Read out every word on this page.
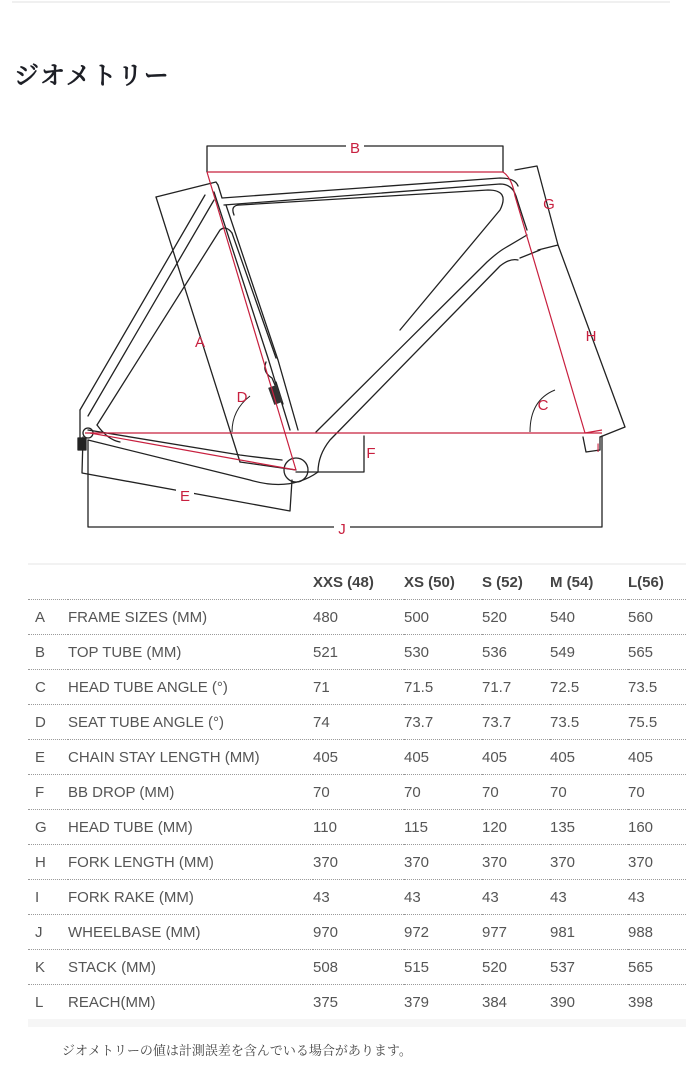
ジオメトリー
B
A
D
F
E
J
G
H
C
I
		XXS (48)	XS (50)	S (52)	M (54)	L(56)
A	FRAME SIZES (MM)	480	500	520	540	560
B	TOP TUBE (MM)	521	530	536	549	565
C	HEAD TUBE ANGLE (°)	71	71.5	71.7	72.5	73.5
D	SEAT TUBE ANGLE (°)	74	73.7	73.7	73.5	75.5
E	CHAIN STAY LENGTH (MM)	405	405	405	405	405
F	BB DROP (MM)	70	70	70	70	70
G	HEAD TUBE (MM)	110	115	120	135	160
H	FORK LENGTH (MM)	370	370	370	370	370
I	FORK RAKE (MM)	43	43	43	43	43
J	WHEELBASE (MM)	970	972	977	981	988
K	STACK (MM)	508	515	520	537	565
L	REACH(MM)	375	379	384	390	398
ジオメトリーの値は計測誤差を含んでいる場合があります。
